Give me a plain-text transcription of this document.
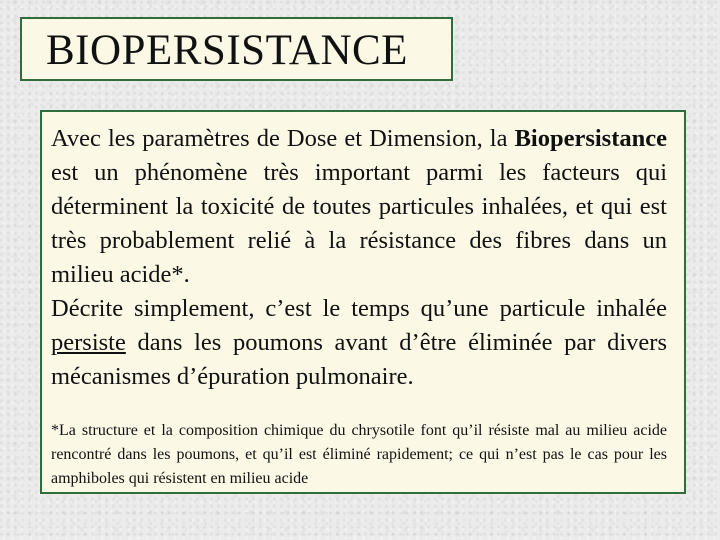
BIOPERSISTANCE

Avec les paramètres de Dose et Dimension, la Biopersistance est un phénomène très important parmi les facteurs qui déterminent la toxicité de toutes particules inhalées, et qui est très probablement relié à la résistance des fibres dans un milieu acide*.

Décrite simplement, c’est le temps qu’une particule inhalée persiste dans les poumons avant d’être éliminée par divers mécanismes d’épuration pulmonaire.

*La structure et la composition chimique du chrysotile font qu’il résiste mal au milieu acide rencontré dans les poumons, et qu’il est éliminé rapidement; ce qui n’est pas le cas pour les amphiboles qui résistent en milieu acide
